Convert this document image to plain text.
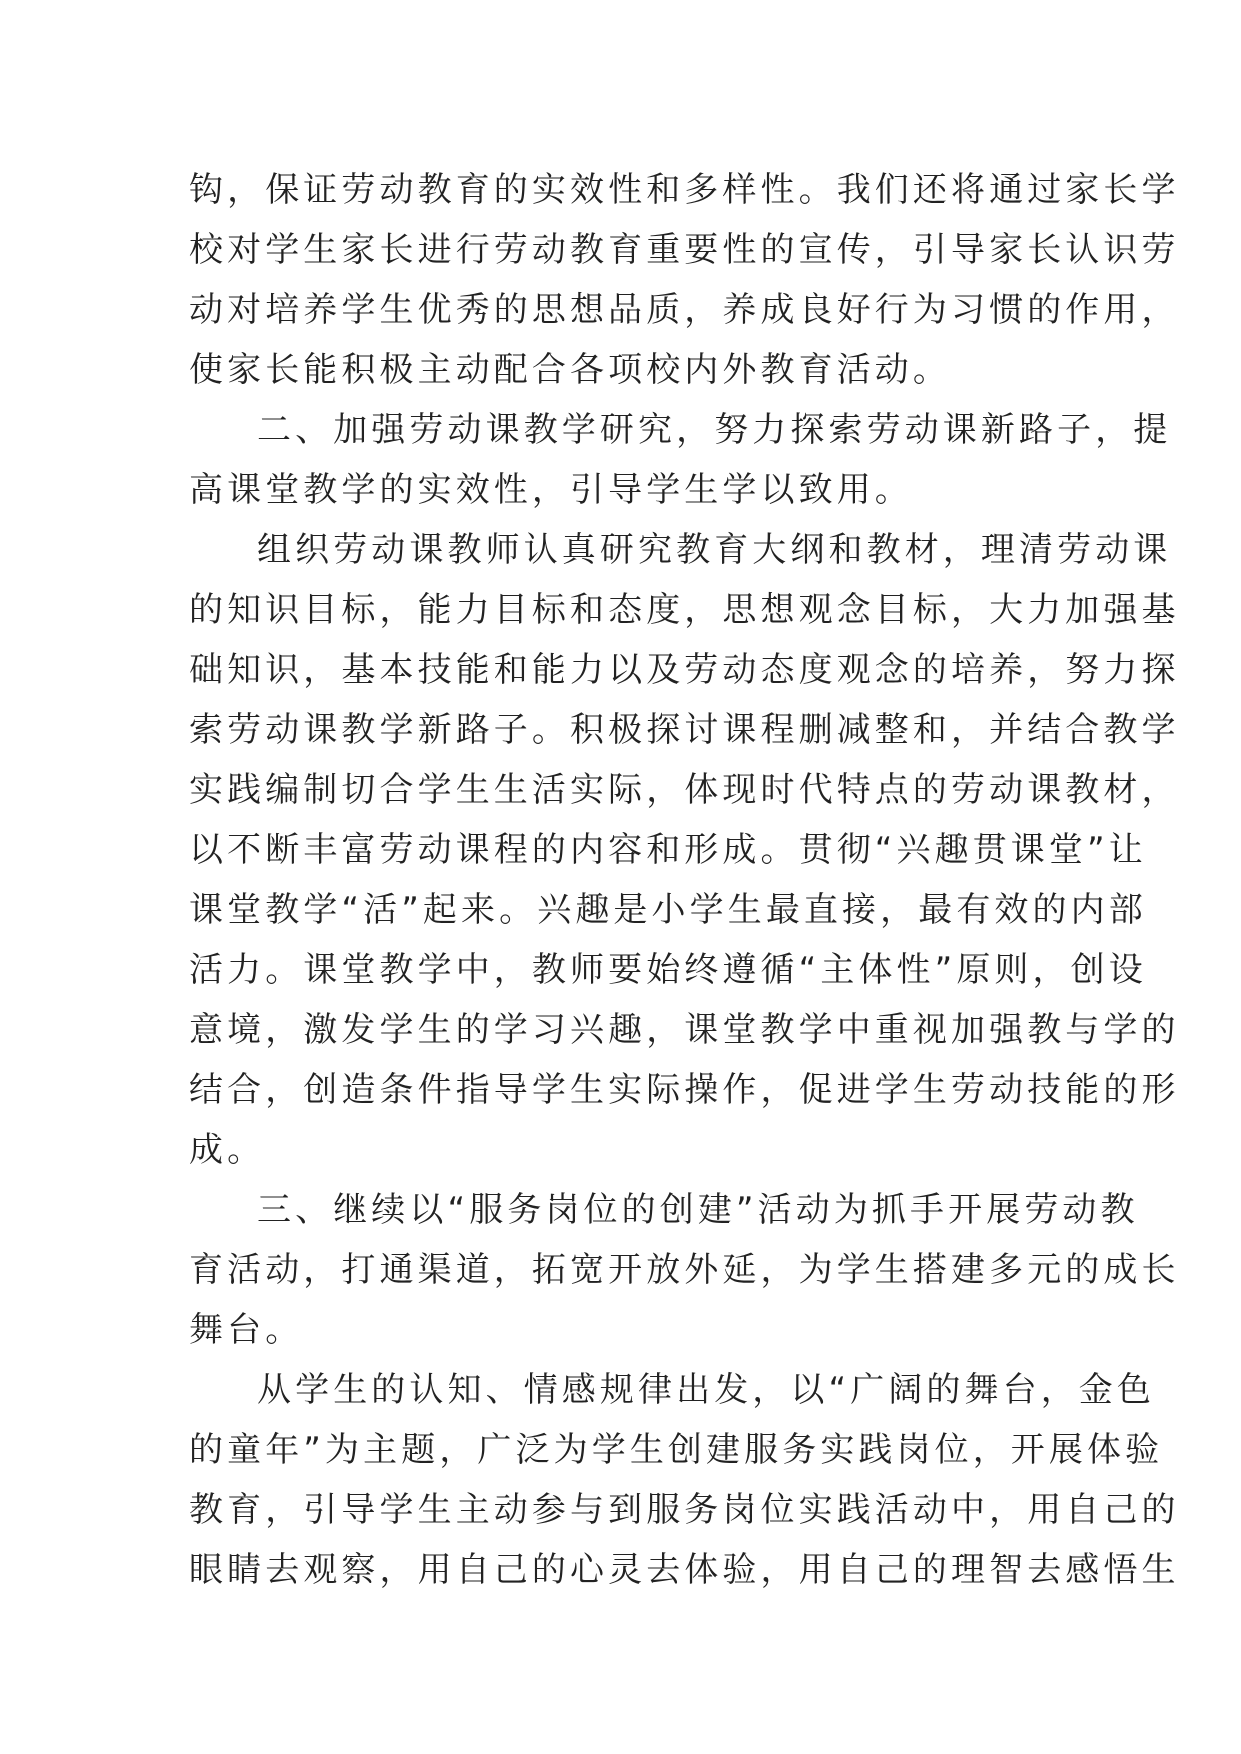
钩，保证劳动教育的实效性和多样性。我们还将通过家长学
校对学生家长进行劳动教育重要性的宣传，引导家长认识劳
动对培养学生优秀的思想品质，养成良好行为习惯的作用，
使家长能积极主动配合各项校内外教育活动。
二、加强劳动课教学研究，努力探索劳动课新路子，提
高课堂教学的实效性，引导学生学以致用。
组织劳动课教师认真研究教育大纲和教材，理清劳动课
的知识目标，能力目标和态度，思想观念目标，大力加强基
础知识，基本技能和能力以及劳动态度观念的培养，努力探
索劳动课教学新路子。积极探讨课程删减整和，并结合教学
实践编制切合学生生活实际，体现时代特点的劳动课教材，
以不断丰富劳动课程的内容和形成。贯彻“兴趣贯课堂”让
课堂教学“活”起来。兴趣是小学生最直接，最有效的内部
活力。课堂教学中，教师要始终遵循“主体性”原则，创设
意境，激发学生的学习兴趣，课堂教学中重视加强教与学的
结合，创造条件指导学生实际操作，促进学生劳动技能的形
成。
三、继续以“服务岗位的创建”活动为抓手开展劳动教
育活动，打通渠道，拓宽开放外延，为学生搭建多元的成长
舞台。
从学生的认知、情感规律出发，以“广阔的舞台，金色
的童年”为主题，广泛为学生创建服务实践岗位，开展体验
教育，引导学生主动参与到服务岗位实践活动中，用自己的
眼睛去观察，用自己的心灵去体验，用自己的理智去感悟生
